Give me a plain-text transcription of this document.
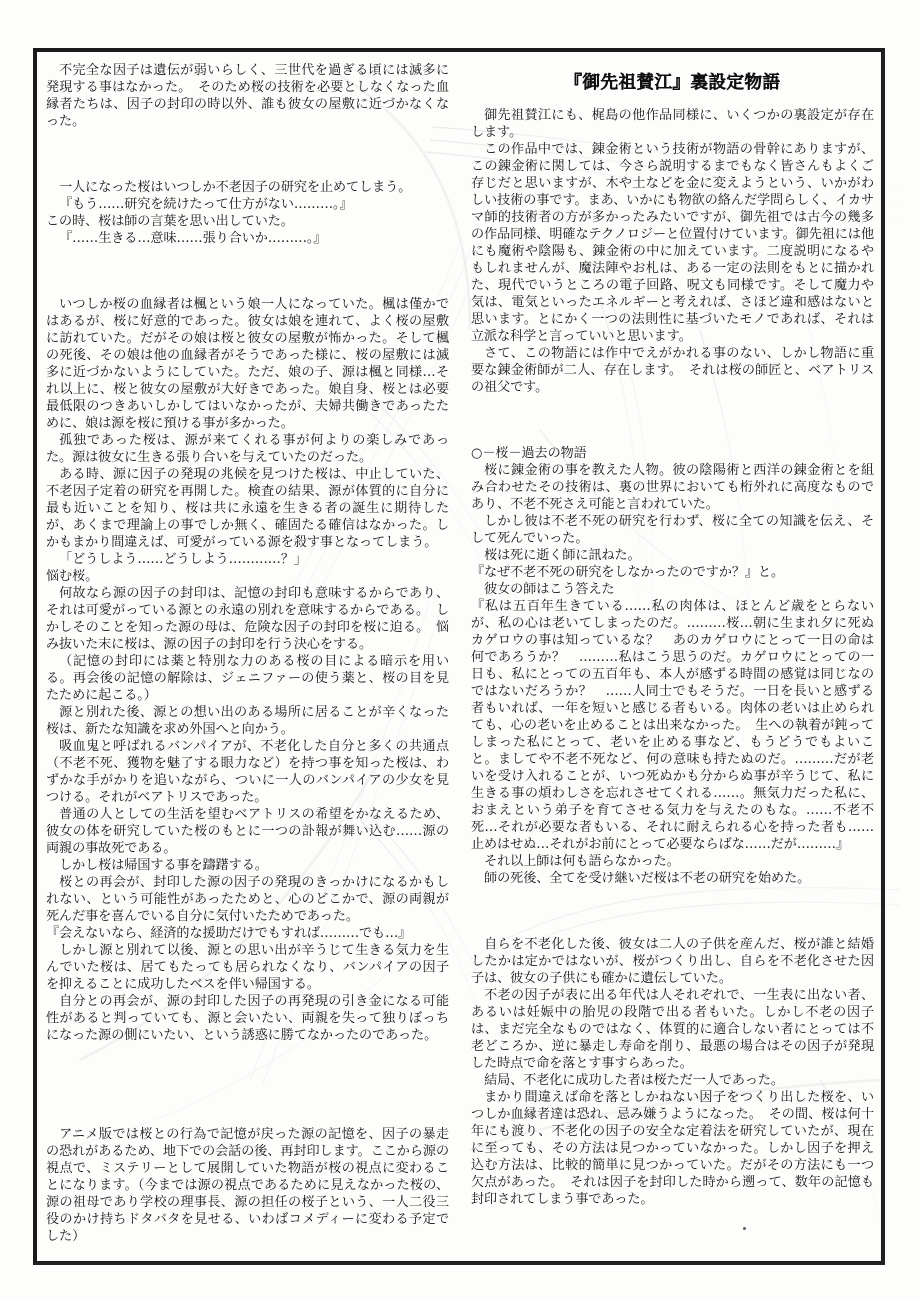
不完全な因子は遺伝が弱いらしく、三世代を過ぎる頃には滅多に発現する事はなかった。　そのため桜の技術を必要としなくなった血縁者たちは、因子の封印の時以外、誰も彼女の屋敷に近づかなくなった。

一人になった桜はいつしか不老因子の研究を止めてしまう。

『もう……研究を続けたって仕方がない………。』

この時、桜は師の言葉を思い出していた。

『……生きる…意味……張り合いか………。』

いつしか桜の血縁者は楓という娘一人になっていた。楓は僅かではあるが、桜に好意的であった。彼女は娘を連れて、よく桜の屋敷に訪れていた。だがその娘は桜と彼女の屋敷が怖かった。そして楓の死後、その娘は他の血縁者がそうであった様に、桜の屋敷には滅多に近づかないようにしていた。ただ、娘の子、源は楓と同様…それ以上に、桜と彼女の屋敷が大好きであった。娘自身、桜とは必要最低限のつきあいしかしてはいなかったが、夫婦共働きであったために、娘は源を桜に預ける事が多かった。

孤独であった桜は、源が来てくれる事が何よりの楽しみであった。源は彼女に生きる張り合いを与えていたのだった。

ある時、源に因子の発現の兆候を見つけた桜は、中止していた、不老因子定着の研究を再開した。検査の結果、源が体質的に自分に最も近いことを知り、桜は共に永遠を生きる者の誕生に期待したが、あくまで理論上の事でしか無く、確固たる確信はなかった。しかもまかり間違えば、可愛がっている源を殺す事となってしまう。

「どうしよう……どうしよう…………？」

悩む桜。

何故なら源の因子の封印は、記憶の封印も意味するからであり、それは可愛がっている源との永遠の別れを意味するからである。　しかしそのことを知った源の母は、危険な因子の封印を桜に迫る。　悩み抜いた末に桜は、源の因子の封印を行う決心をする。

（記憶の封印には薬と特別な力のある桜の目による暗示を用いる。再会後の記憶の解除は、ジェニファーの使う薬と、桜の目を見たために起こる。）

源と別れた後、源との想い出のある場所に居ることが辛くなった桜は、新たな知識を求め外国へと向かう。

吸血鬼と呼ばれるバンパイアが、不老化した自分と多くの共通点（不老不死、獲物を魅了する眼力など）を持つ事を知った桜は、わずかな手がかりを追いながら、ついに一人のバンパイアの少女を見つける。それがベアトリスであった。

普通の人としての生活を望むベアトリスの希望をかなえるため、彼女の体を研究していた桜のもとに一つの訃報が舞い込む……源の両親の事故死である。

しかし桜は帰国する事を躊躇する。

桜との再会が、封印した源の因子の発現のきっかけになるかもしれない、という可能性があったためと、心のどこかで、源の両親が死んだ事を喜んでいる自分に気付いたためであった。

『会えないなら、経済的な援助だけでもすれば………でも…』

しかし源と別れて以後、源との思い出が辛うじて生きる気力を生んでいた桜は、居てもたっても居られなくなり、バンパイアの因子を抑えることに成功したベスを伴い帰国する。

自分との再会が、源の封印した因子の再発現の引き金になる可能性があると判っていても、源と会いたい、両親を失って独りぼっちになった源の側にいたい、という誘惑に勝てなかったのであった。

アニメ版では桜との行為で記憶が戻った源の記憶を、因子の暴走の恐れがあるため、地下での会話の後、再封印します。ここから源の視点で、ミステリーとして展開していた物語が桜の視点に変わることになります。（今までは源の視点であるために見えなかった桜の、源の祖母であり学校の理事長、源の担任の桜子という、一人二役三役のかけ持ちドタバタを見せる、いわばコメディーに変わる予定でした）

『御先祖賛江』裏設定物語

御先祖賛江にも、梶島の他作品同様に、いくつかの裏設定が存在します。

この作品中では、錬金術という技術が物語の骨幹にありますが、この錬金術に関しては、今さら説明するまでもなく皆さんもよくご存じだと思いますが、木や土などを金に変えようという、いかがわしい技術の事です。まあ、いかにも物欲の絡んだ学問らしく、イカサマ師的技術者の方が多かったみたいですが、御先祖では古今の幾多の作品同様、明確なテクノロジーと位置付けています。御先祖には他にも魔術や陰陽も、錬金術の中に加えています。二度説明になるやもしれませんが、魔法陣やお札は、ある一定の法則をもとに描かれた、現代でいうところの電子回路、呪文も同様です。そして魔力や気は、電気といったエネルギーと考えれば、さほど違和感はないと思います。とにかく一つの法則性に基づいたモノであれば、それは立派な科学と言っていいと思います。

さて、この物語には作中でえがかれる事のない、しかし物語に重要な錬金術師が二人、存在します。　それは桜の師匠と、ベアトリスの祖父です。

○－桜－過去の物語

桜に錬金術の事を教えた人物。彼の陰陽術と西洋の錬金術とを組み合わせたその技術は、裏の世界においても桁外れに高度なものであり、不老不死さえ可能と言われていた。

しかし彼は不老不死の研究を行わず、桜に全ての知識を伝え、そして死んでいった。

桜は死に逝く師に訊ねた。

『なぜ不老不死の研究をしなかったのですか？』と。

彼女の師はこう答えた

『私は五百年生きている……私の肉体は、ほとんど歳をとらないが、私の心は老いてしまったのだ。………桜…朝に生まれ夕に死ぬカゲロウの事は知っているな？　あのカゲロウにとって一日の命は何であろうか？　………私はこう思うのだ。カゲロウにとっての一日も、私にとっての五百年も、本人が感ずる時間の感覚は同じなのではないだろうか？　……人同士でもそうだ。一日を長いと感ずる者もいれば、一年を短いと感じる者もいる。肉体の老いは止められても、心の老いを止めることは出来なかった。　生への執着が鈍ってしまった私にとって、老いを止める事など、もうどうでもよいこと。ましてや不老不死など、何の意味も持たぬのだ。………だが老いを受け入れることが、いつ死ぬかも分からぬ事が辛うじて、私に生きる事の煩わしさを忘れさせてくれる……。無気力だった私に、おまえという弟子を育てさせる気力を与えたのもな。……不老不死…それが必要な者もいる、それに耐えられる心を持った者も……止めはせぬ…それがお前にとって必要ならばな……だが………』

それ以上師は何も語らなかった。

師の死後、全てを受け継いだ桜は不老の研究を始めた。

自らを不老化した後、彼女は二人の子供を産んだ、桜が誰と結婚したかは定かではないが、桜がつくり出し、自らを不老化させた因子は、彼女の子供にも確かに遺伝していた。

不老の因子が表に出る年代は人それぞれで、一生表に出ない者、あるいは妊娠中の胎児の段階で出る者もいた。しかし不老の因子は、まだ完全なものではなく、体質的に適合しない者にとっては不老どころか、逆に暴走し寿命を削り、最悪の場合はその因子が発現した時点で命を落とす事すらあった。

結局、不老化に成功した者は桜ただ一人であった。

まかり間違えば命を落としかねない因子をつくり出した桜を、いつしか血縁者達は恐れ、忌み嫌うようになった。　その間、桜は何十年にも渡り、不老化の因子の安全な定着法を研究していたが、現在に至っても、その方法は見つかっていなかった。しかし因子を押え込む方法は、比較的簡単に見つかっていた。だがその方法にも一つ欠点があった。　それは因子を封印した時から遡って、数年の記憶も封印されてしまう事であった。
